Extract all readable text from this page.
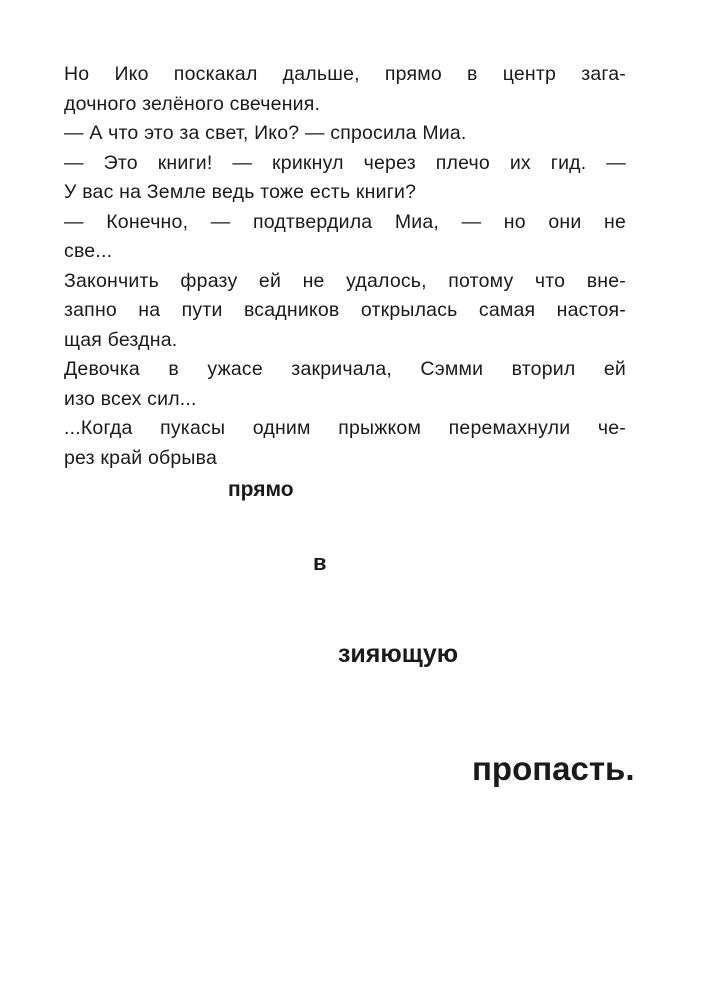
Но Ико поскакал дальше, прямо в центр зага-
дочного зелёного свечения.
— А что это за свет, Ико? — спросила Миа.
— Это книги! — крикнул через плечо их гид. —
У вас на Земле ведь тоже есть книги?
— Конечно, — подтвердила Миа, — но они не
све...
Закончить фразу ей не удалось, потому что вне-
запно на пути всадников открылась самая настоя-
щая бездна.
Девочка в ужасе закричала, Сэмми вторил ей
изо всех сил...
...Когда пукасы одним прыжком перемахнули че-
рез край обрыва

прямо

в

зияющую

пропасть.
